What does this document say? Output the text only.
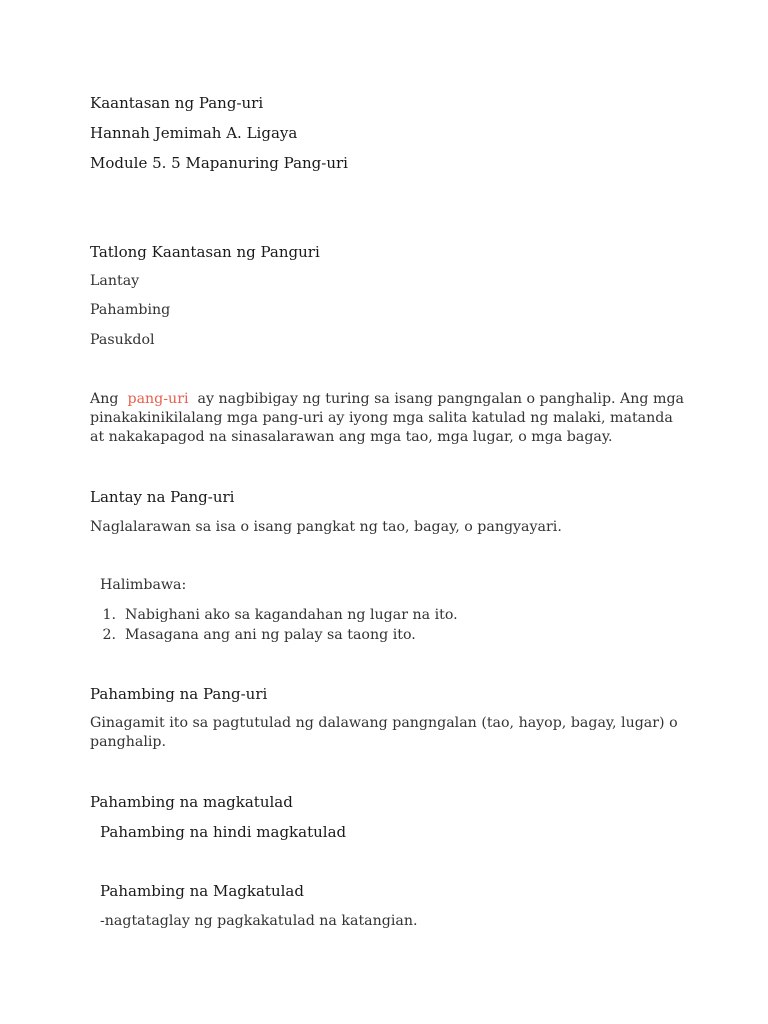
Kaantasan ng Pang-uri
Hannah Jemimah A. Ligaya
Module 5. 5 Mapanuring Pang-uri
Tatlong Kaantasan ng Panguri
Lantay
Pahambing
Pasukdol
Ang pang-uri ay nagbibigay ng turing sa isang pangngalan o panghalip. Ang mga
pinakakinikilalang mga pang-uri ay iyong mga salita katulad ng malaki, matanda
at nakakapagod na sinasalarawan ang mga tao, mga lugar, o mga bagay.
Lantay na Pang-uri
Naglalarawan sa isa o isang pangkat ng tao, bagay, o pangyayari.
Halimbawa:
1. Nabighani ako sa kagandahan ng lugar na ito.
2. Masagana ang ani ng palay sa taong ito.
Pahambing na Pang-uri
Ginagamit ito sa pagtutulad ng dalawang pangngalan (tao, hayop, bagay, lugar) o
panghalip.
Pahambing na magkatulad
Pahambing na hindi magkatulad
Pahambing na Magkatulad
-nagtataglay ng pagkakatulad na katangian.
